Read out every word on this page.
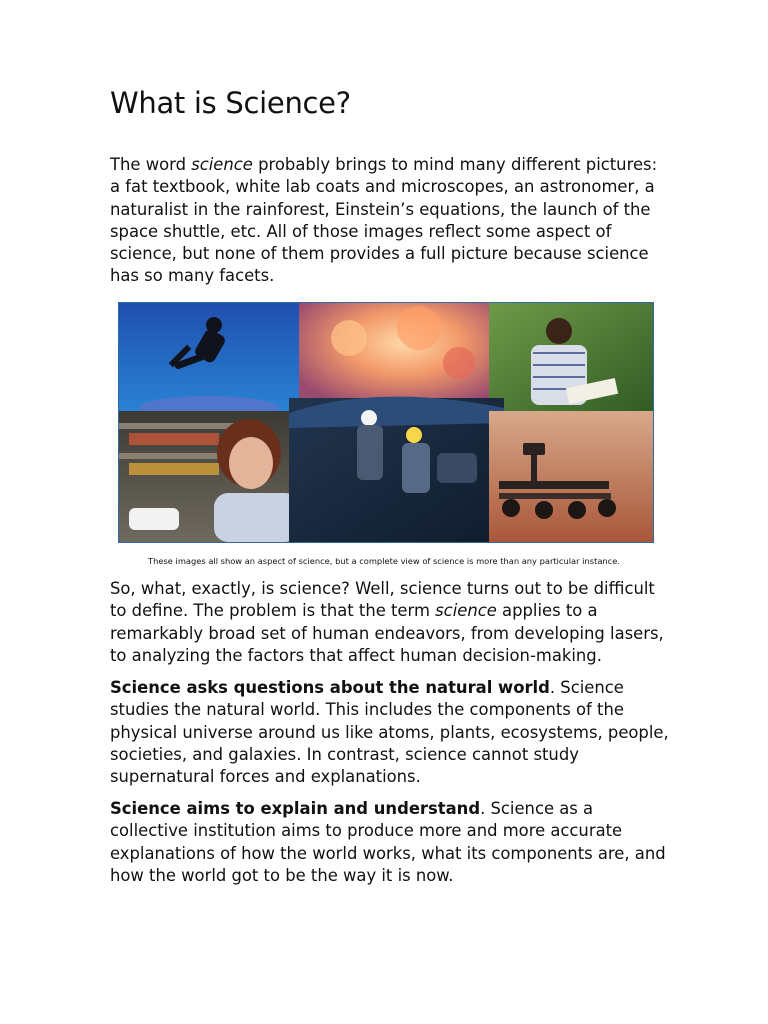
What is Science?

The word science probably brings to mind many different pictures: a fat textbook, white lab coats and microscopes, an astronomer, a naturalist in the rainforest, Einstein’s equations, the launch of the space shuttle, etc. All of those images reflect some aspect of science, but none of them provides a full picture because science has so many facets.

These images all show an aspect of science, but a complete view of science is more than any particular instance.

So, what, exactly, is science? Well, science turns out to be difficult to define. The problem is that the term science applies to a remarkably broad set of human endeavors, from developing lasers, to analyzing the factors that affect human decision-making.

Science asks questions about the natural world. Science studies the natural world. This includes the components of the physical universe around us like atoms, plants, ecosystems, people, societies, and galaxies. In contrast, science cannot study supernatural forces and explanations.

Science aims to explain and understand. Science as a collective institution aims to produce more and more accurate explanations of how the world works, what its components are, and how the world got to be the way it is now.
